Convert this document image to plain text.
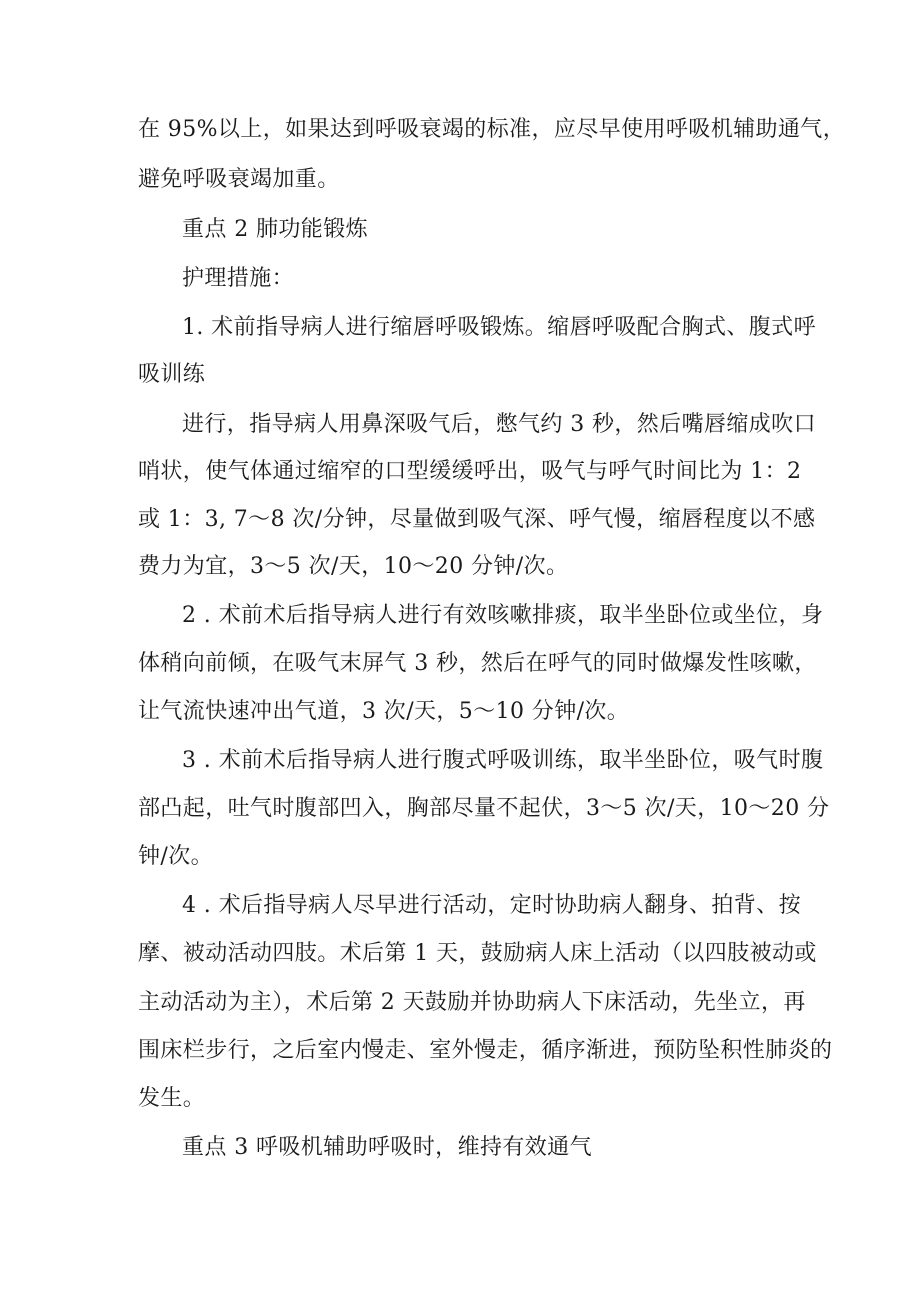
在 95%以上，如果达到呼吸衰竭的标准，应尽早使用呼吸机辅助通气，
避免呼吸衰竭加重。
重点 2 肺功能锻炼
护理措施：
1. 术前指导病人进行缩唇呼吸锻炼。缩唇呼吸配合胸式、腹式呼
吸训练
进行，指导病人用鼻深吸气后，憋气约 3 秒，然后嘴唇缩成吹口
哨状，使气体通过缩窄的口型缓缓呼出，吸气与呼气时间比为 1：2
或 1：3, 7～8 次/分钟，尽量做到吸气深、呼气慢，缩唇程度以不感
费力为宜，3～5 次/天，10～20 分钟/次。
2 . 术前术后指导病人进行有效咳嗽排痰，取半坐卧位或坐位，身
体稍向前倾，在吸气末屏气 3 秒，然后在呼气的同时做爆发性咳嗽，
让气流快速冲出气道，3 次/天，5～10 分钟/次。
3 . 术前术后指导病人进行腹式呼吸训练，取半坐卧位，吸气时腹
部凸起，吐气时腹部凹入，胸部尽量不起伏，3～5 次/天，10～20 分
钟/次。
4 . 术后指导病人尽早进行活动，定时协助病人翻身、拍背、按
摩、被动活动四肢。术后第 1 天，鼓励病人床上活动（以四肢被动或
主动活动为主），术后第 2 天鼓励并协助病人下床活动，先坐立，再
围床栏步行，之后室内慢走、室外慢走，循序渐进，预防坠积性肺炎的
发生。
重点 3 呼吸机辅助呼吸时，维持有效通气
